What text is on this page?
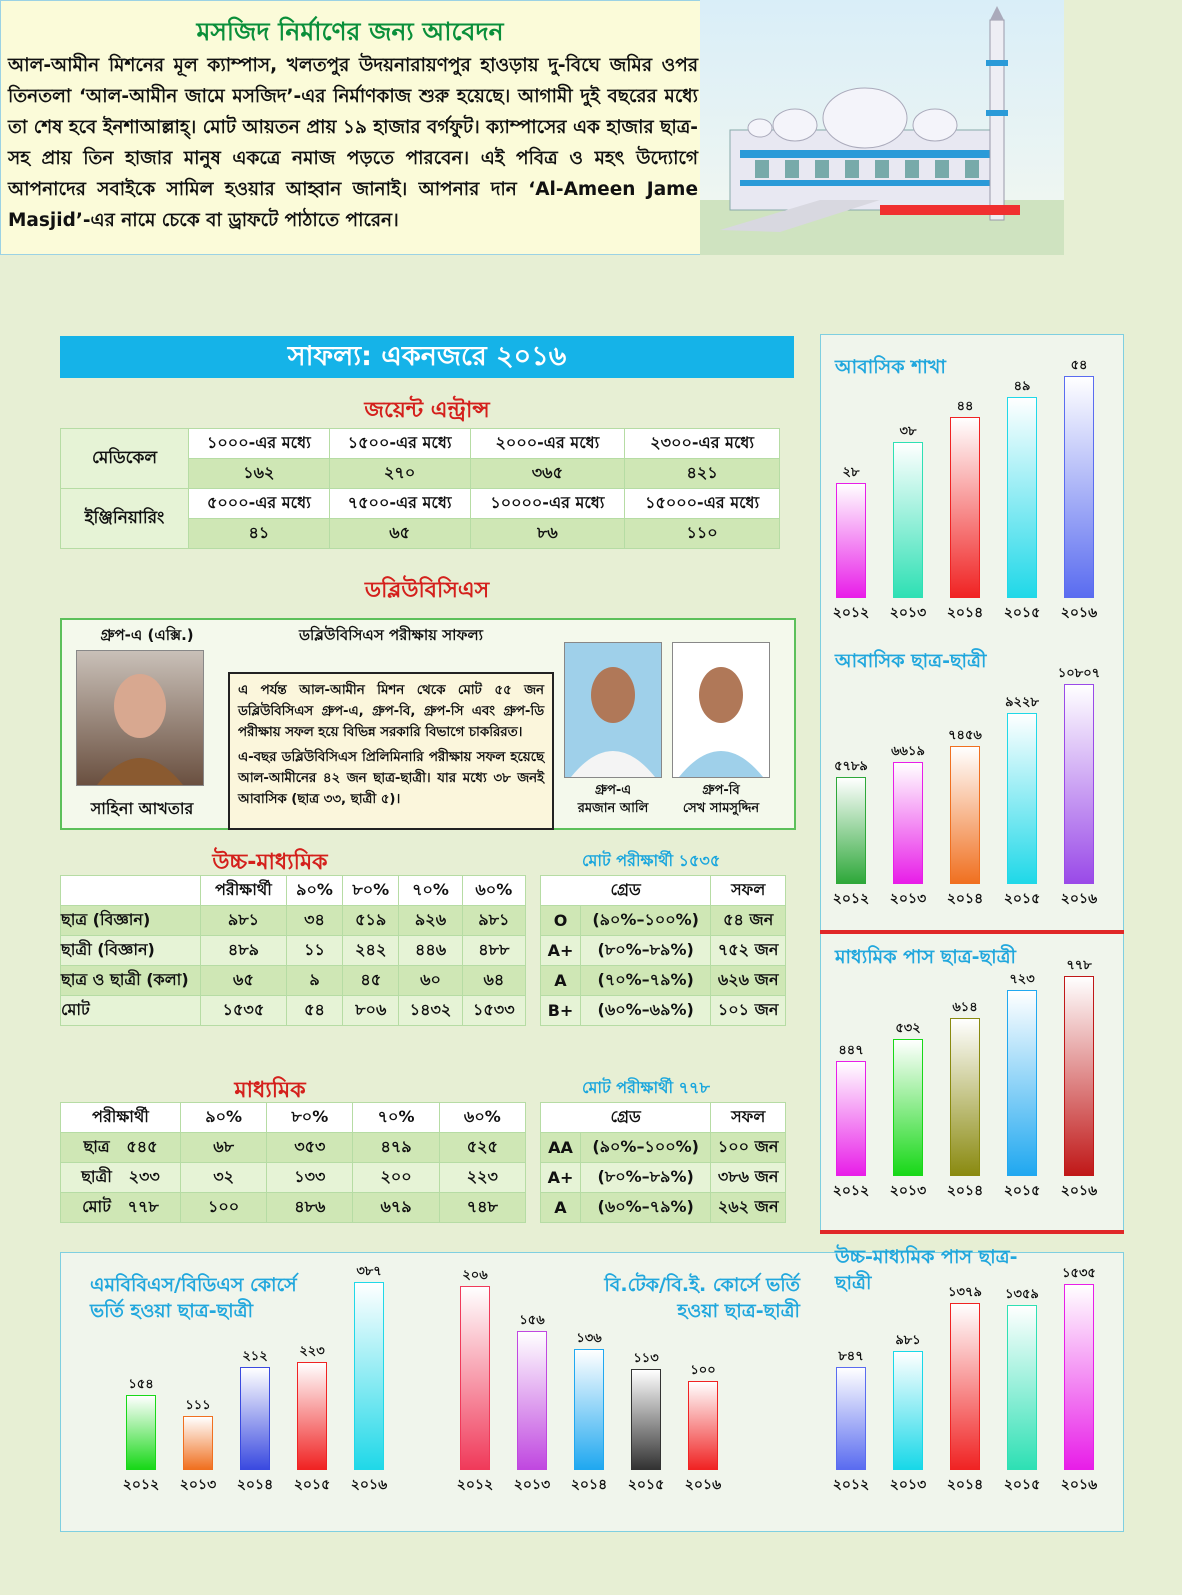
মসজিদ নির্মাণের জন্য আবেদন
আল-আমীন মিশনের মূল ক্যাম্পাস, খলতপুর উদয়নারায়ণপুর হাওড়ায় দু-বিঘে জমির ওপর তিনতলা ‘আল-আমীন জামে মসজিদ’-এর নির্মাণকাজ শুরু হয়েছে। আগামী দুই বছরের মধ্যে তা শেষ হবে ইনশাআল্লাহ্। মোট আয়তন প্রায় ১৯ হাজার বর্গফুট। ক্যাম্পাসের এক হাজার ছাত্র-সহ প্রায় তিন হাজার মানুষ একত্রে নমাজ পড়তে পারবেন। এই পবিত্র ও মহৎ উদ্যোগে আপনাদের সবাইকে সামিল হওয়ার আহ্বান জানাই। আপনার দান ‘Al-Ameen Jame Masjid’-এর নামে চেকে বা ড্রাফটে পাঠাতে পারেন।
সাফল্য: একনজরে ২০১৬
জয়েন্ট এন্ট্রান্স
মেডিকেল	১০০০-এর মধ্যে	১৫০০-এর মধ্যে	২০০০-এর মধ্যে	২৩০০-এর মধ্যে
	১৬২	২৭০	৩৬৫	৪২১
ইঞ্জিনিয়ারিং	৫০০০-এর মধ্যে	৭৫০০-এর মধ্যে	১০০০০-এর মধ্যে	১৫০০০-এর মধ্যে
	৪১	৬৫	৮৬	১১০
ডব্লিউবিসিএস
গ্রুপ-এ (এক্সি.)	ডব্লিউবিসিএস পরীক্ষায় সাফল্য
সাহিনা আখতার

এ পর্যন্ত আল-আমীন মিশন থেকে মোট ৫৫ জন ডব্লিউবিসিএস গ্রুপ-এ, গ্রুপ-বি, গ্রুপ-সি এবং গ্রুপ-ডি পরীক্ষায় সফল হয়ে বিভিন্ন সরকারি বিভাগে চাকরিরত।

এ-বছর ডব্লিউবিসিএস প্রিলিমিনারি পরীক্ষায় সফল হয়েছে আল-আমীনের ৪২ জন ছাত্র-ছাত্রী। যার মধ্যে ৩৮ জনই আবাসিক (ছাত্র ৩৩, ছাত্রী ৫)।

গ্রুপ-এ
রমজান আলি
গ্রুপ-বি
সেখ সামসুদ্দিন
উচ্চ-মাধ্যমিক	মোট পরীক্ষার্থী ১৫৩৫
	পরীক্ষার্থী	৯০%	৮০%	৭০%	৬০%
ছাত্র (বিজ্ঞান)	৯৮১	৩৪	৫১৯	৯২৬	৯৮১
ছাত্রী (বিজ্ঞান)	৪৮৯	১১	২৪২	৪৪৬	৪৮৮
ছাত্র ও ছাত্রী (কলা)	৬৫	৯	৪৫	৬০	৬৪
মোট	১৫৩৫	৫৪	৮০৬	১৪৩২	১৫৩৩
গ্রেড		সফল
O	(৯০%–১০০%)	৫৪ জন
A+	(৮০%–৮৯%)	৭৫২ জন
A	(৭০%–৭৯%)	৬২৬ জন
B+	(৬০%–৬৯%)	১০১ জন
মাধ্যমিক	মোট পরীক্ষার্থী ৭৭৮
পরীক্ষার্থী	৯০%	৮০%	৭০%	৬০%
ছাত্র ৫৪৫	৬৮	৩৫৩	৪৭৯	৫২৫
ছাত্রী ২৩৩	৩২	১৩৩	২০০	২২৩
মোট ৭৭৮	১০০	৪৮৬	৬৭৯	৭৪৮
গ্রেড		সফল
AA	(৯০%–১০০%)	১০০ জন
A+	(৮০%–৮৯%)	৩৮৬ জন
A	(৬০%–৭৯%)	২৬২ জন
আবাসিক শাখা
২৮
২০১২
৩৮
২০১৩
৪৪
২০১৪
৪৯
২০১৫
৫৪
২০১৬
আবাসিক ছাত্র-ছাত্রী
৫৭৮৯
২০১২
৬৬১৯
২০১৩
৭৪৫৬
২০১৪
৯২২৮
২০১৫
১০৮০৭
২০১৬
মাধ্যমিক পাস ছাত্র-ছাত্রী
৪৪৭
২০১২
৫৩২
২০১৩
৬১৪
২০১৪
৭২৩
২০১৫
৭৭৮
২০১৬
এমবিবিএস/বিডিএস কোর্সে ভর্তি হওয়া ছাত্র-ছাত্রী
১৫৪
২০১২
১১১
২০১৩
২১২
২০১৪
২২৩
২০১৫
৩৮৭
২০১৬
বি.টেক/বি.ই. কোর্সে ভর্তি হওয়া ছাত্র-ছাত্রী
২০৬
২০১২
১৫৬
২০১৩
১৩৬
২০১৪
১১৩
২০১৫
১০০
২০১৬
উচ্চ-মাধ্যমিক পাস ছাত্র-ছাত্রী
৮৪৭
২০১২
৯৮১
২০১৩
১৩৭৯
২০১৪
১৩৫৯
২০১৫
১৫৩৫
২০১৬
